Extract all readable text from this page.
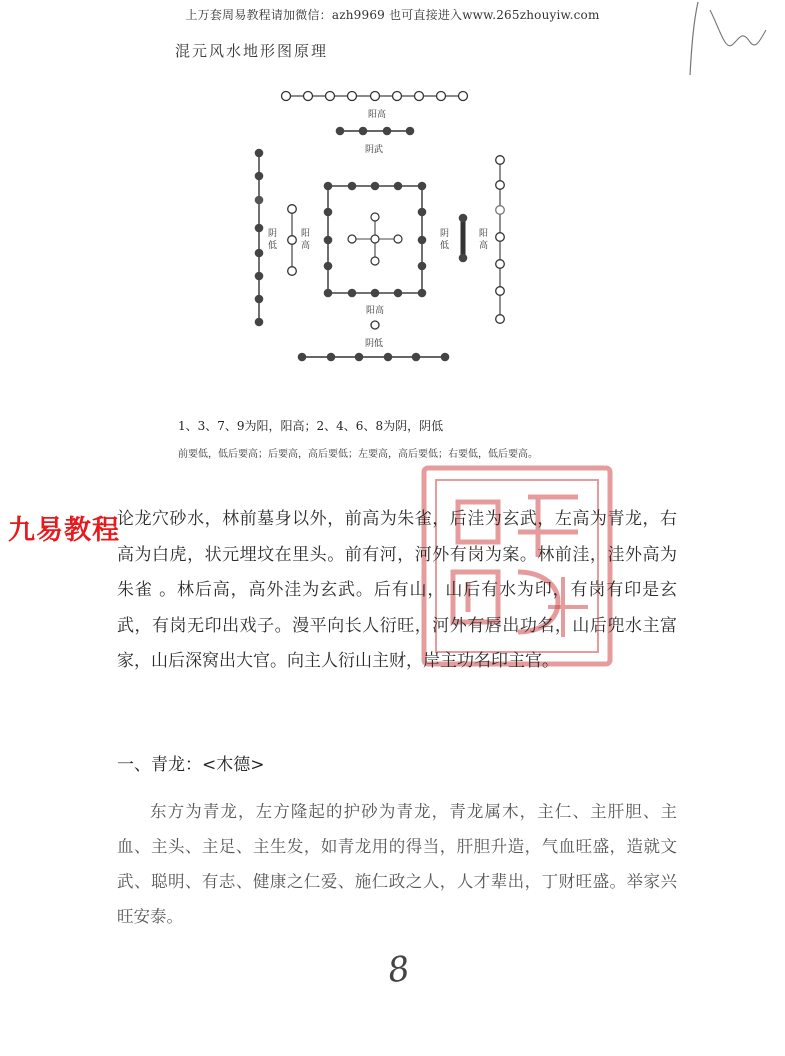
上万套周易教程请加微信：azh9969 也可直接进入www.265zhouyiw.com
混元风水地形图原理
阳高
阴武
阴
低
阳
高
阴
低
阳
高
阳高
阴低
1、3、7、9为阳，阳高；2、4、6、8为阴，阴低
前要低，低后要高；后要高，高后要低；左要高，高后要低；右要低，低后要高。
九易教程
论龙穴砂水，林前墓身以外，前高为朱雀，后洼为玄武，左高为青龙，右高为白虎，状元埋坟在里头。前有河，河外有岗为案。林前洼，洼外高为朱雀 。林后高，高外洼为玄武。后有山，山后有水为印，有岗有印是玄武，有岗无印出戏子。漫平向长人衍旺，河外有唇出功名，山后兜水主富家，山后深窝出大官。向主人衍山主财，岸主功名印主官。
一、青龙：<木德>
东方为青龙，左方隆起的护砂为青龙，青龙属木，主仁、主肝胆、主血、主头、主足、主生发，如青龙用的得当，肝胆升造，气血旺盛，造就文武、聪明、有志、健康之仁爱、施仁政之人，人才辈出，丁财旺盛。举家兴旺安泰。
8
